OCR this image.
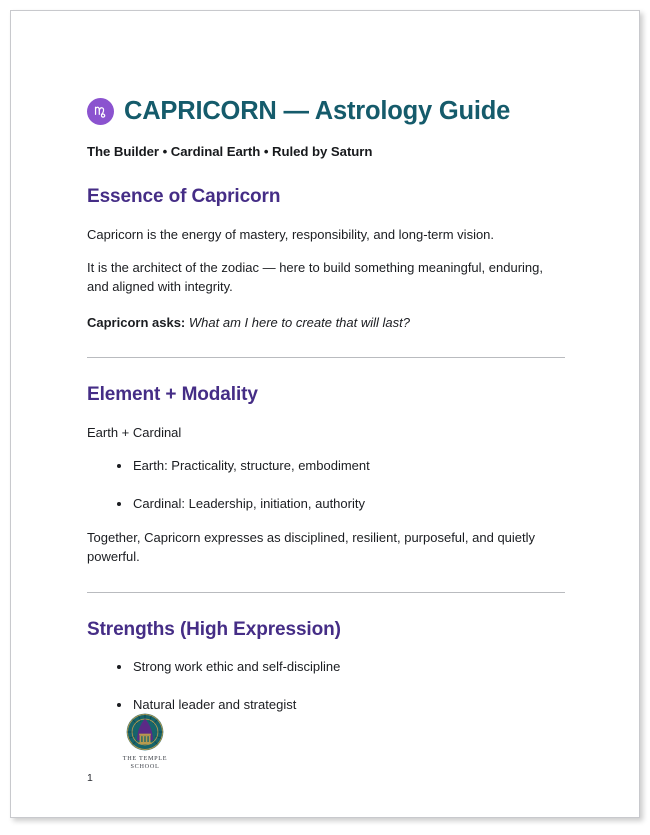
CAPRICORN — Astrology Guide
The Builder • Cardinal Earth • Ruled by Saturn
Essence of Capricorn

Capricorn is the energy of mastery, responsibility, and long-term vision.

It is the architect of the zodiac — here to build something meaningful, enduring, and aligned with integrity.

Capricorn asks: What am I here to create that will last?

Element + Modality

Earth + Cardinal

Earth: Practicality, structure, embodiment
Cardinal: Leadership, initiation, authority

Together, Capricorn expresses as disciplined, resilient, purposeful, and quietly powerful.

Strengths (High Expression)
Strong work ethic and self-discipline
Natural leader and strategist
THE TEMPLE
SCHOOL
1
